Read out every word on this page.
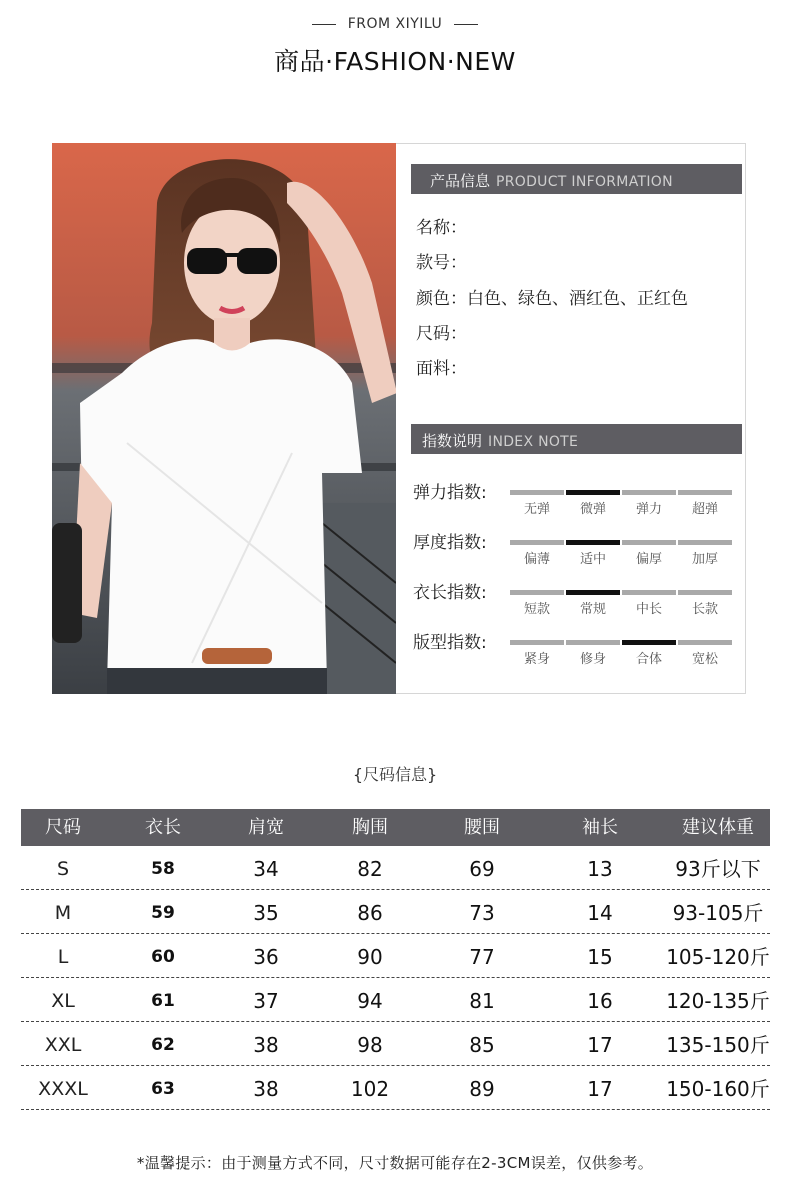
FROM XIYILU
商品·FASHION·NEW
产品信息 PRODUCT INFORMATION
名称：
款号：
颜色：白色、绿色、酒红色、正红色
尺码：
面料：
指数说明 INDEX NOTE
弹力指数:
无弹	微弹	弹力	超弹
厚度指数:
偏薄	适中	偏厚	加厚
衣长指数:
短款	常规	中长	长款
版型指数:
紧身	修身	合体	宽松
{尺码信息}
尺码	衣长	肩宽	胸围	腰围	袖长	建议体重
S	58	34	82	69	13	93斤以下
M	59	35	86	73	14	93-105斤
L	60	36	90	77	15	105-120斤
XL	61	37	94	81	16	120-135斤
XXL	62	38	98	85	17	135-150斤
XXXL	63	38	102	89	17	150-160斤
*温馨提示：由于测量方式不同，尺寸数据可能存在2-3CM误差，仅供参考。
